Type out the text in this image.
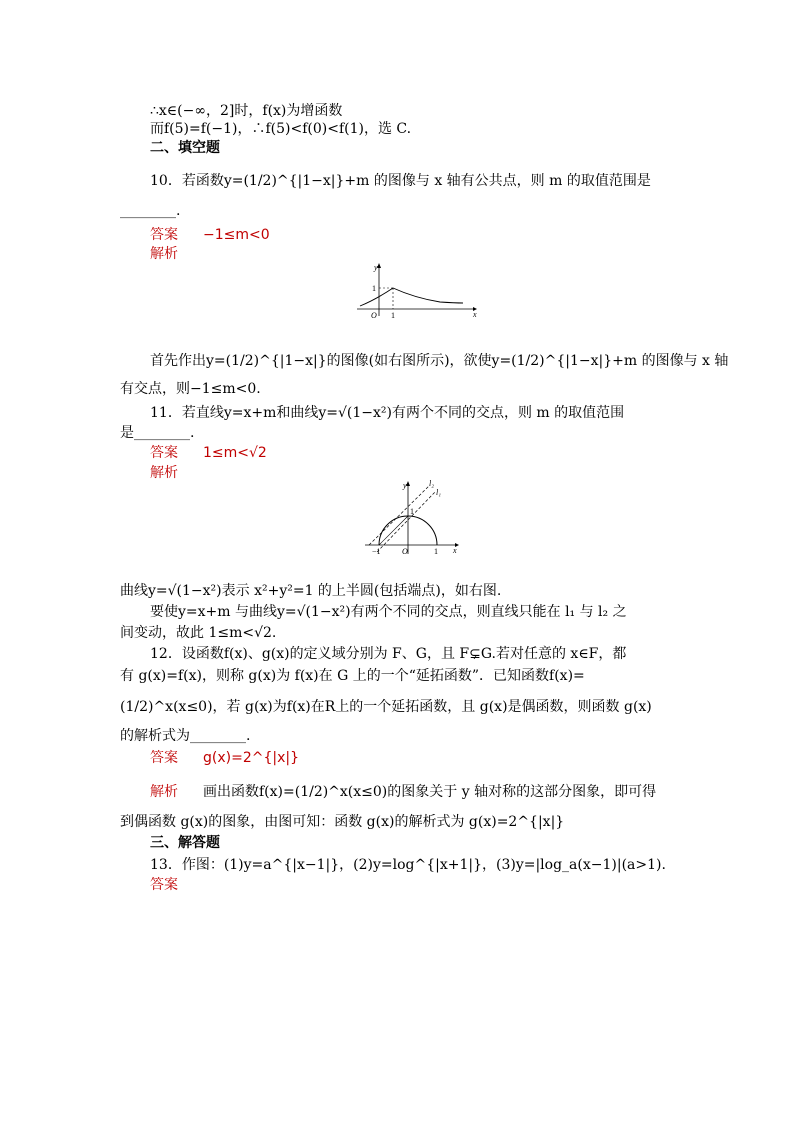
∴x∈(−∞，2]时，f(x)为增函数
而f(5)=f(−1)，∴f(5)<f(0)<f(1)，选 C.
二、填空题
10．若函数y=(1/2)^{|1−x|}+m 的图像与 x 轴有公共点，则 m 的取值范围是
________.
答案 −1≤m<0
解析
y
x
O 1
1
首先作出y=(1/2)^{|1−x|}的图像(如右图所示)，欲使y=(1/2)^{|1−x|}+m 的图像与 x 轴
有交点，则−1≤m<0.
11．若直线y=x+m和曲线y=√(1−x²)有两个不同的交点，则 m 的取值范围
是________.
答案 1≤m<√2
解析
y
x
O	1
1
−1
l₂
l₁
曲线y=√(1−x²)表示 x²+y²=1 的上半圆(包括端点)，如右图.
要使y=x+m 与曲线y=√(1−x²)有两个不同的交点，则直线只能在 l₁ 与 l₂ 之
间变动，故此 1≤m<√2.
12．设函数f(x)、g(x)的定义域分别为 F、G，且 F⊊G.若对任意的 x∈F，都
有 g(x)=f(x)，则称 g(x)为 f(x)在 G 上的一个“延拓函数”．已知函数f(x)=
(1/2)^x(x≤0)，若 g(x)为f(x)在R上的一个延拓函数，且 g(x)是偶函数，则函数 g(x)
的解析式为________.
答案 g(x)=2^{|x|}
解析 画出函数f(x)=(1/2)^x(x≤0)的图象关于 y 轴对称的这部分图象，即可得
到偶函数 g(x)的图象，由图可知：函数 g(x)的解析式为 g(x)=2^{|x|}
三、解答题
13．作图：(1)y=a^{|x−1|}，(2)y=log^{|x+1|}，(3)y=|log_a(x−1)|(a>1).
答案
